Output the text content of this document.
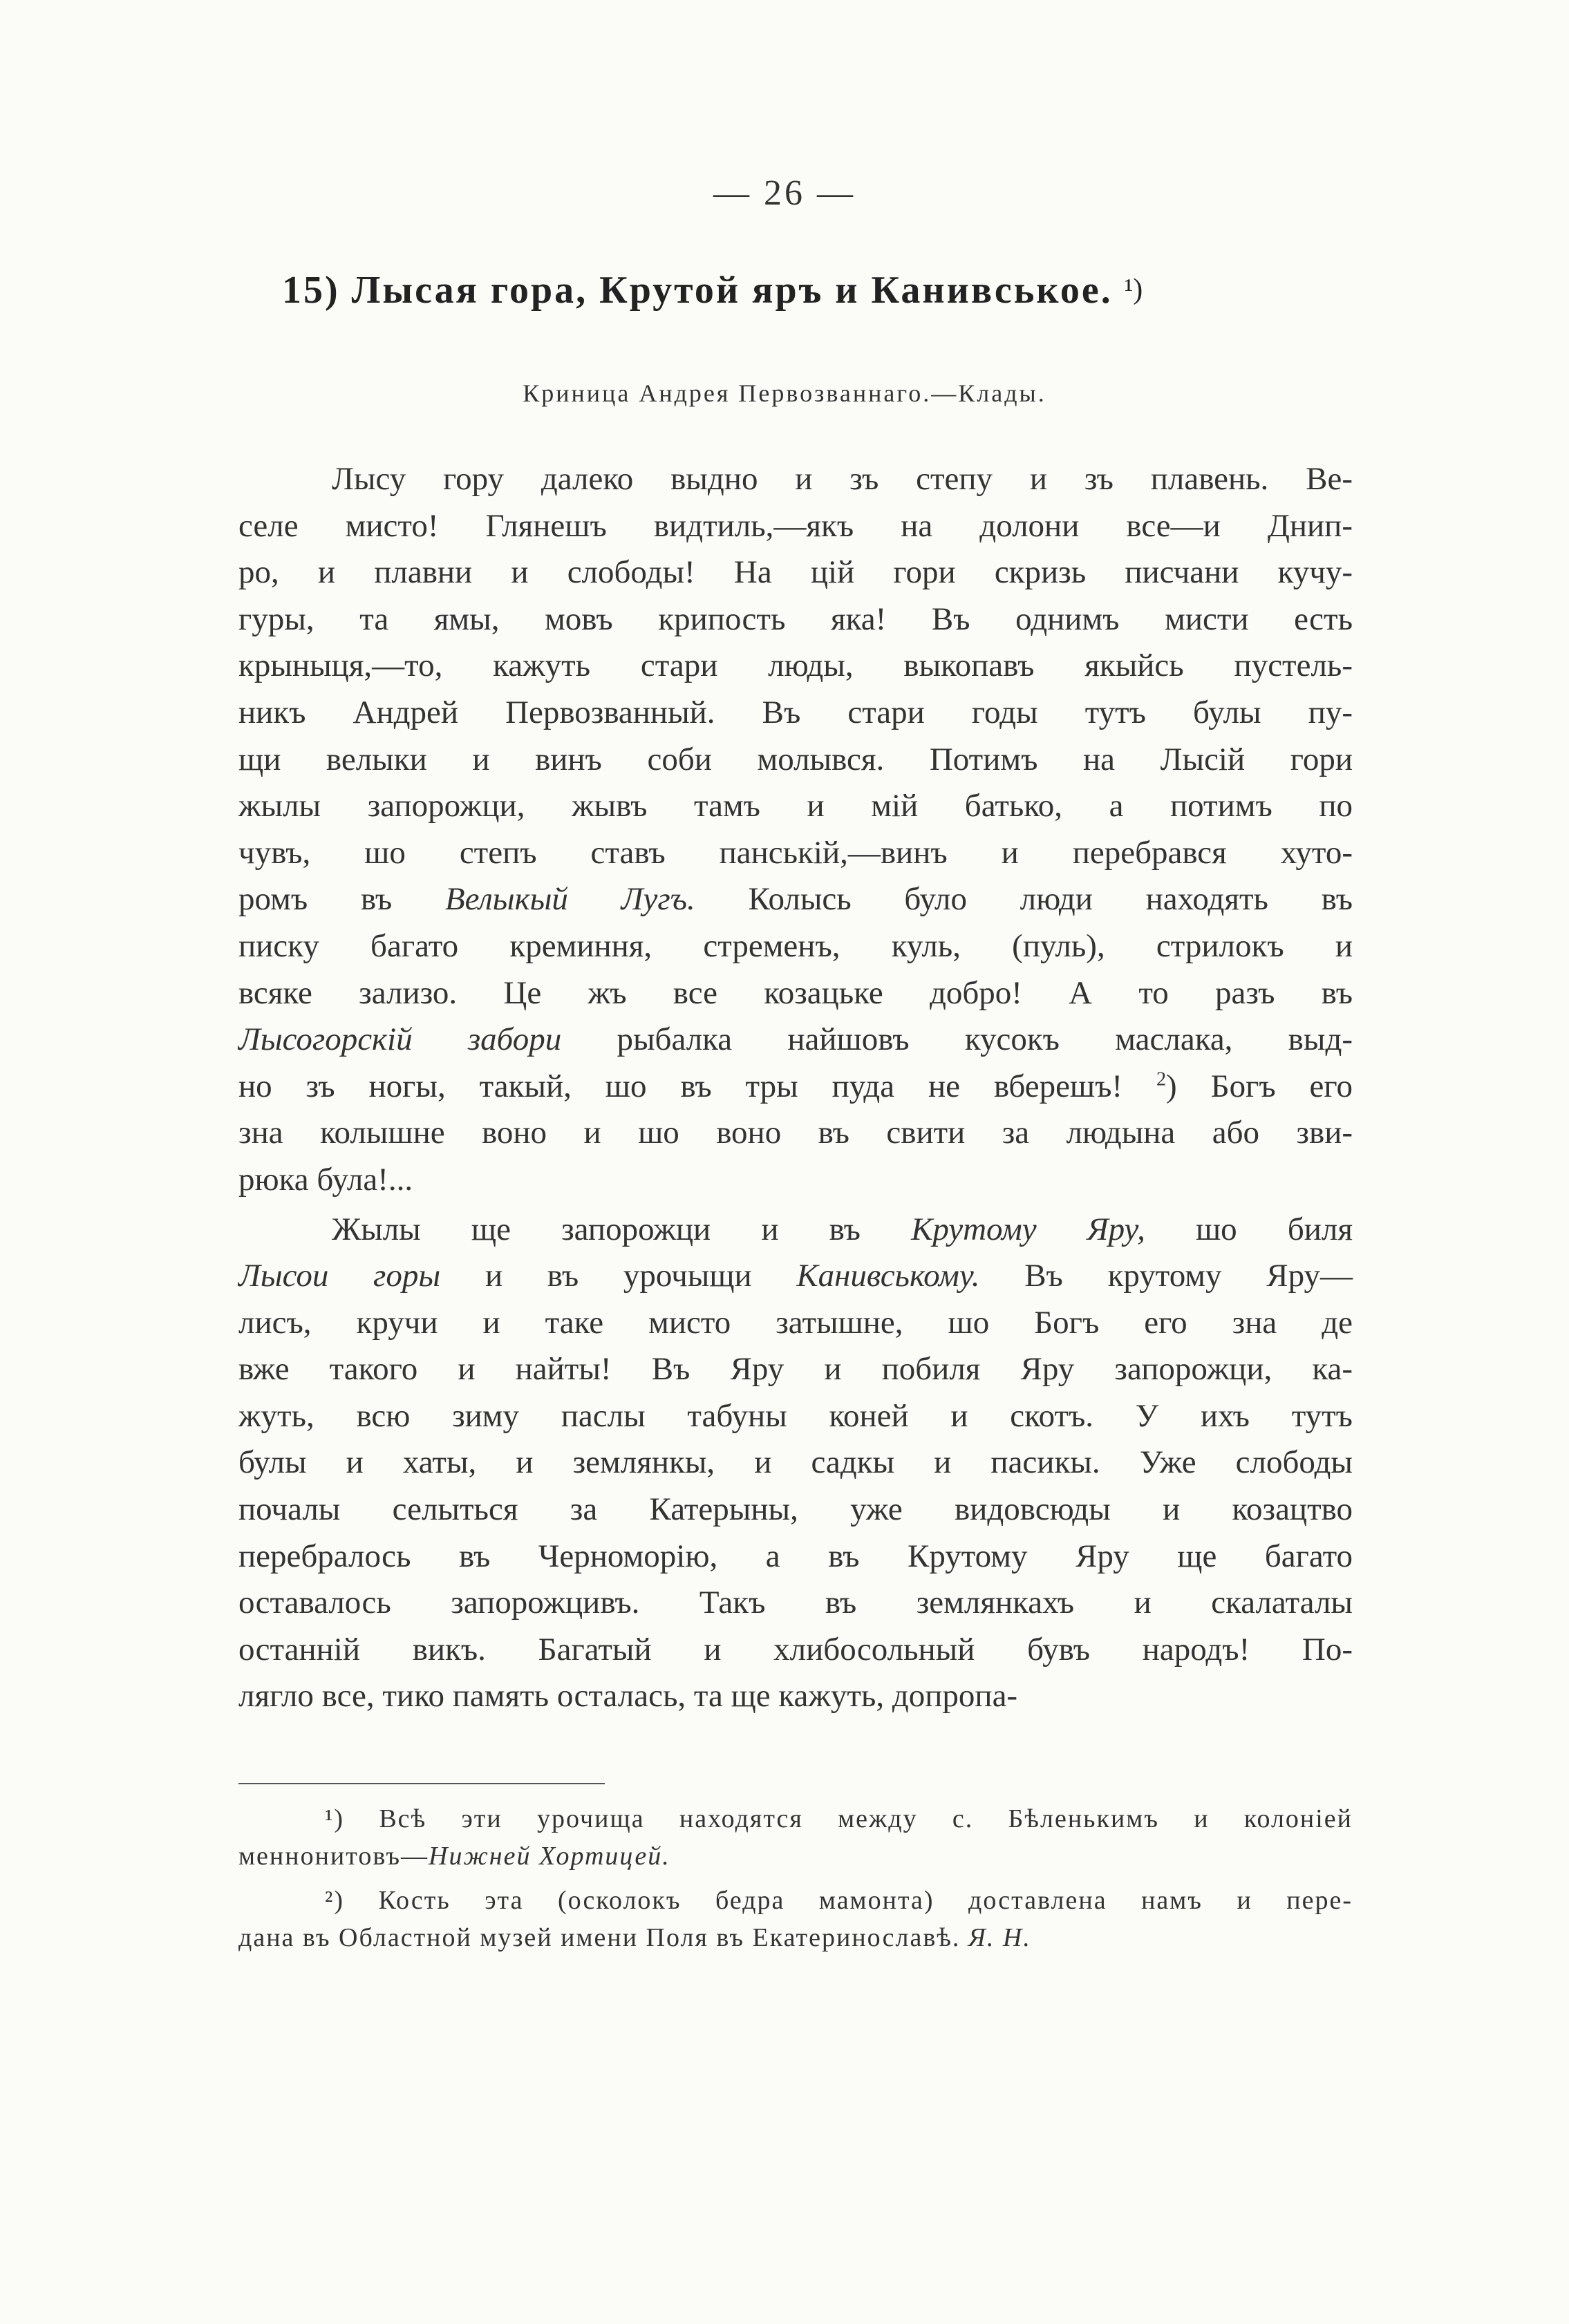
— 26 —
15) Лысая гора, Крутой яръ и Канивськое. ¹)
Криница Андрея Первозваннаго.—Клады.
Лысу гору далеко выдно и зъ степу и зъ плавень. Ве-
селе мисто! Глянешъ видтиль,—якъ на долони все—и Днип-
ро, и плавни и слободы! На цій гори скризь писчани кучу-
гуры, та ямы, мовъ крипость яка! Въ однимъ мисти есть
крыныця,—то, кажуть стари люды, выкопавъ якыйсь пустель-
никъ Андрей Первозванный. Въ стари годы тутъ булы пу-
щи велыки и винъ соби молывся. Потимъ на Лысій гори
жылы запорожци, жывъ тамъ и мій батько, а потимъ по
чувъ, шо степъ ставъ панській,—винъ и перебрався хуто-
ромъ въ Велыкый Лугъ. Колысь було люди находять въ
писку багато креминня, стременъ, куль, (пуль), стрилокъ и
всяке зализо. Це жъ все козацьке добро! А то разъ въ
Лысогорскій забори рыбалка найшовъ кусокъ маслака, выд-
но зъ ногы, такый, шо въ тры пуда не вберешъ! $^2$) Богъ его
зна колышне воно и шо воно въ свити за людына або зви-
рюка була!...
Жылы ще запорожци и въ Крутому Яру, шо биля
Лысои горы и въ урочыщи Канивському. Въ крутому Яру—
лисъ, кручи и таке мисто затышне, шо Богъ его зна де
вже такого и найты! Въ Яру и побиля Яру запорожци, ка-
жуть, всю зиму паслы табуны коней и скотъ. У ихъ тутъ
булы и хаты, и землянкы, и садкы и пасикы. Уже слободы
почалы селыться за Катерыны, уже видовсюды и козацтво
перебралось въ Черноморію, а въ Крутому Яру ще багато
оставалось запорожцивъ. Такъ въ землянкахъ и скалаталы
останній викъ. Багатый и хлибосольный бувъ народъ! По-
лягло все, тико память осталась, та ще кажуть, допропа-
¹) Всѣ эти урочища находятся между с. Бѣленькимъ и колоніей
меннонитовъ—Нижней Хортицей.
²) Кость эта (осколокъ бедра мамонта) доставлена намъ и пере-
дана въ Областной музей имени Поля въ Екатеринославѣ. Я. Н.
